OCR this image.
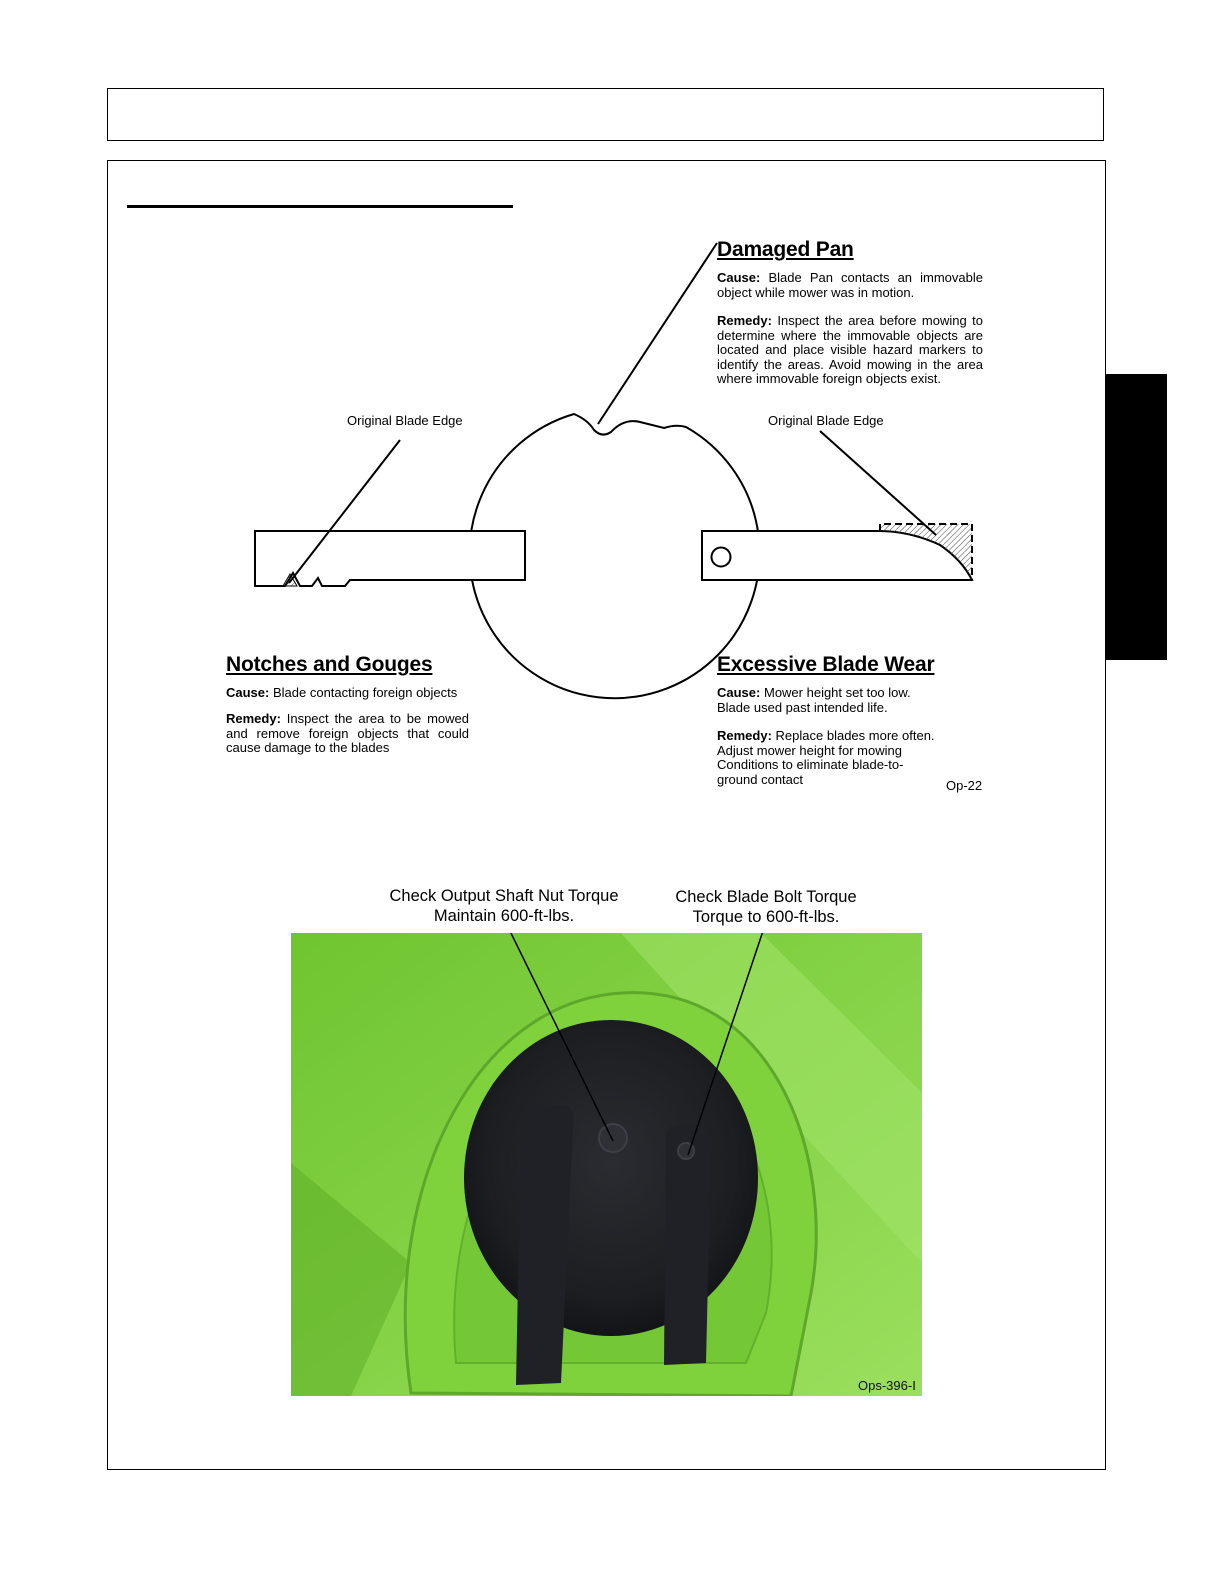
Damaged Pan
Cause: Blade Pan contacts an immovable object while mower was in motion.
Remedy: Inspect the area before mowing to determine where the immovable objects are located and place visible hazard markers to identify the areas. Avoid mowing in the area where immovable foreign objects exist.
Original Blade Edge	Original Blade Edge
Notches and Gouges
Cause: Blade contacting foreign objects
Remedy: Inspect the area to be mowed and remove foreign objects that could cause damage to the blades
Excessive Blade Wear
Cause: Mower height set too low.
Blade used past intended life.
Remedy: Replace blades more often.
Adjust mower height for mowing
Conditions to eliminate blade-to-
ground contact	Op-22
Check Output Shaft Nut Torque
Maintain 600-ft-lbs.
Check Blade Bolt Torque
Torque to 600-ft-lbs.
Ops-396-I
